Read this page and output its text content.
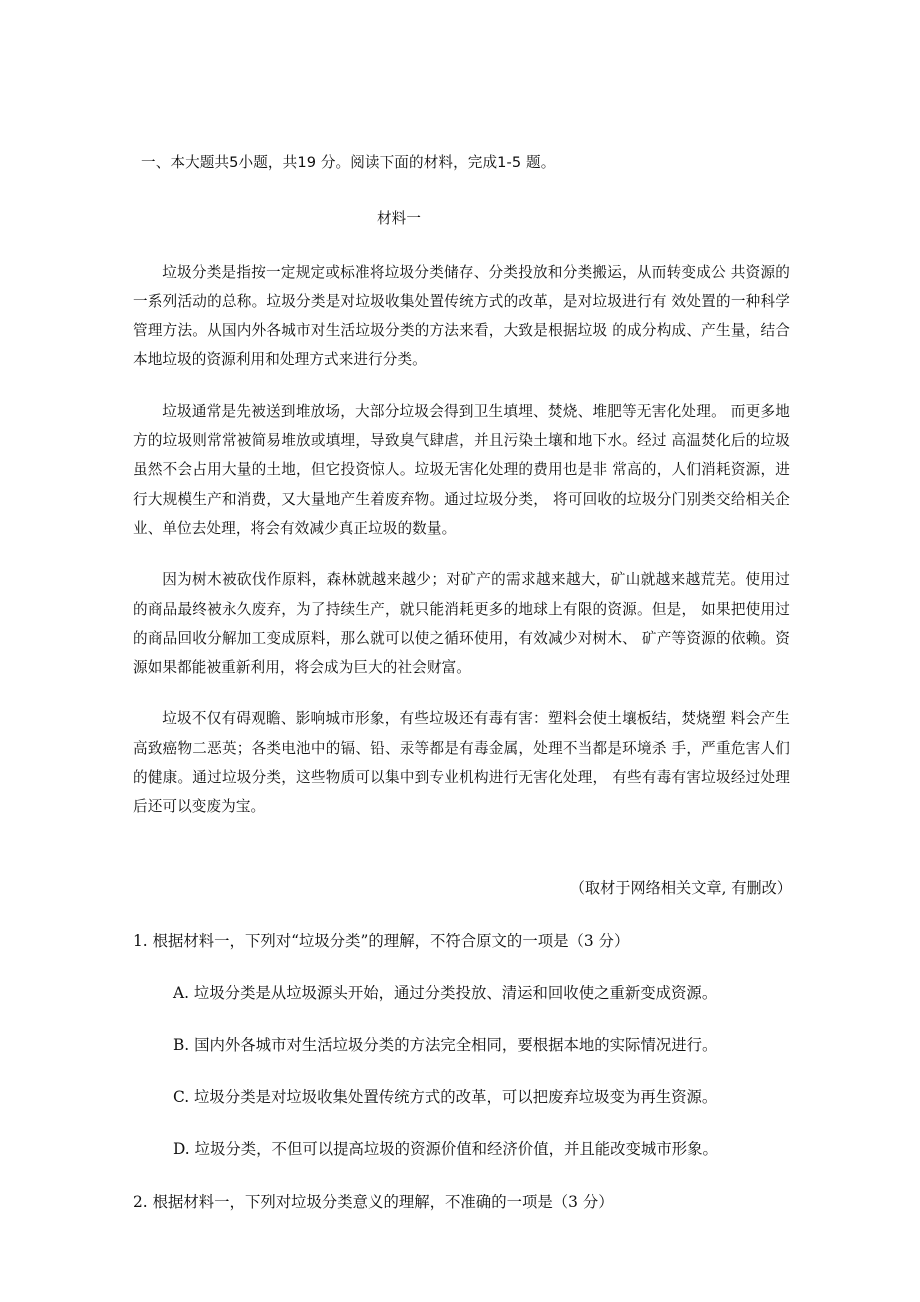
一、本大题共5小题，共19 分。阅读下面的材料，完成1-5 题。
材料一
垃圾分类是指按一定规定或标准将垃圾分类储存、分类投放和分类搬运，从而转变成公 共资源的一系列活动的总称。垃圾分类是对垃圾收集处置传统方式的改革，是对垃圾进行有 效处置的一种科学管理方法。从国内外各城市对生活垃圾分类的方法来看，大致是根据垃圾 的成分构成、产生量，结合本地垃圾的资源利用和处理方式来进行分类。
垃圾通常是先被送到堆放场，大部分垃圾会得到卫生填埋、焚烧、堆肥等无害化处理。 而更多地方的垃圾则常常被简易堆放或填埋，导致臭气肆虐，并且污染土壤和地下水。经过 高温焚化后的垃圾虽然不会占用大量的土地，但它投资惊人。垃圾无害化处理的费用也是非 常高的，人们消耗资源，进行大规模生产和消费，又大量地产生着废弃物。通过垃圾分类， 将可回收的垃圾分门别类交给相关企业、单位去处理，将会有效减少真正垃圾的数量。
因为树木被砍伐作原料，森林就越来越少；对矿产的需求越来越大，矿山就越来越荒芜。使用过的商品最终被永久废弃，为了持续生产，就只能消耗更多的地球上有限的资源。但是， 如果把使用过的商品回收分解加工变成原料，那么就可以使之循环使用，有效减少对树木、 矿产等资源的依赖。资源如果都能被重新利用，将会成为巨大的社会财富。
垃圾不仅有碍观瞻、影响城市形象，有些垃圾还有毒有害：塑料会使土壤板结，焚烧塑 料会产生高致癌物二恶英；各类电池中的镉、铅、汞等都是有毒金属，处理不当都是环境杀 手，严重危害人们的健康。通过垃圾分类，这些物质可以集中到专业机构进行无害化处理， 有些有毒有害垃圾经过处理后还可以变废为宝。
（取材于网络相关文章, 有删改）
1. 根据材料一，下列对“垃圾分类”的理解，不符合原文的一项是（3 分）
A. 垃圾分类是从垃圾源头开始，通过分类投放、清运和回收使之重新变成资源。
B. 国内外各城市对生活垃圾分类的方法完全相同，要根据本地的实际情况进行。
C. 垃圾分类是对垃圾收集处置传统方式的改革，可以把废弃垃圾变为再生资源。
D. 垃圾分类，不但可以提高垃圾的资源价值和经济价值，并且能改变城市形象。
2. 根据材料一，下列对垃圾分类意义的理解，不准确的一项是（3 分）
